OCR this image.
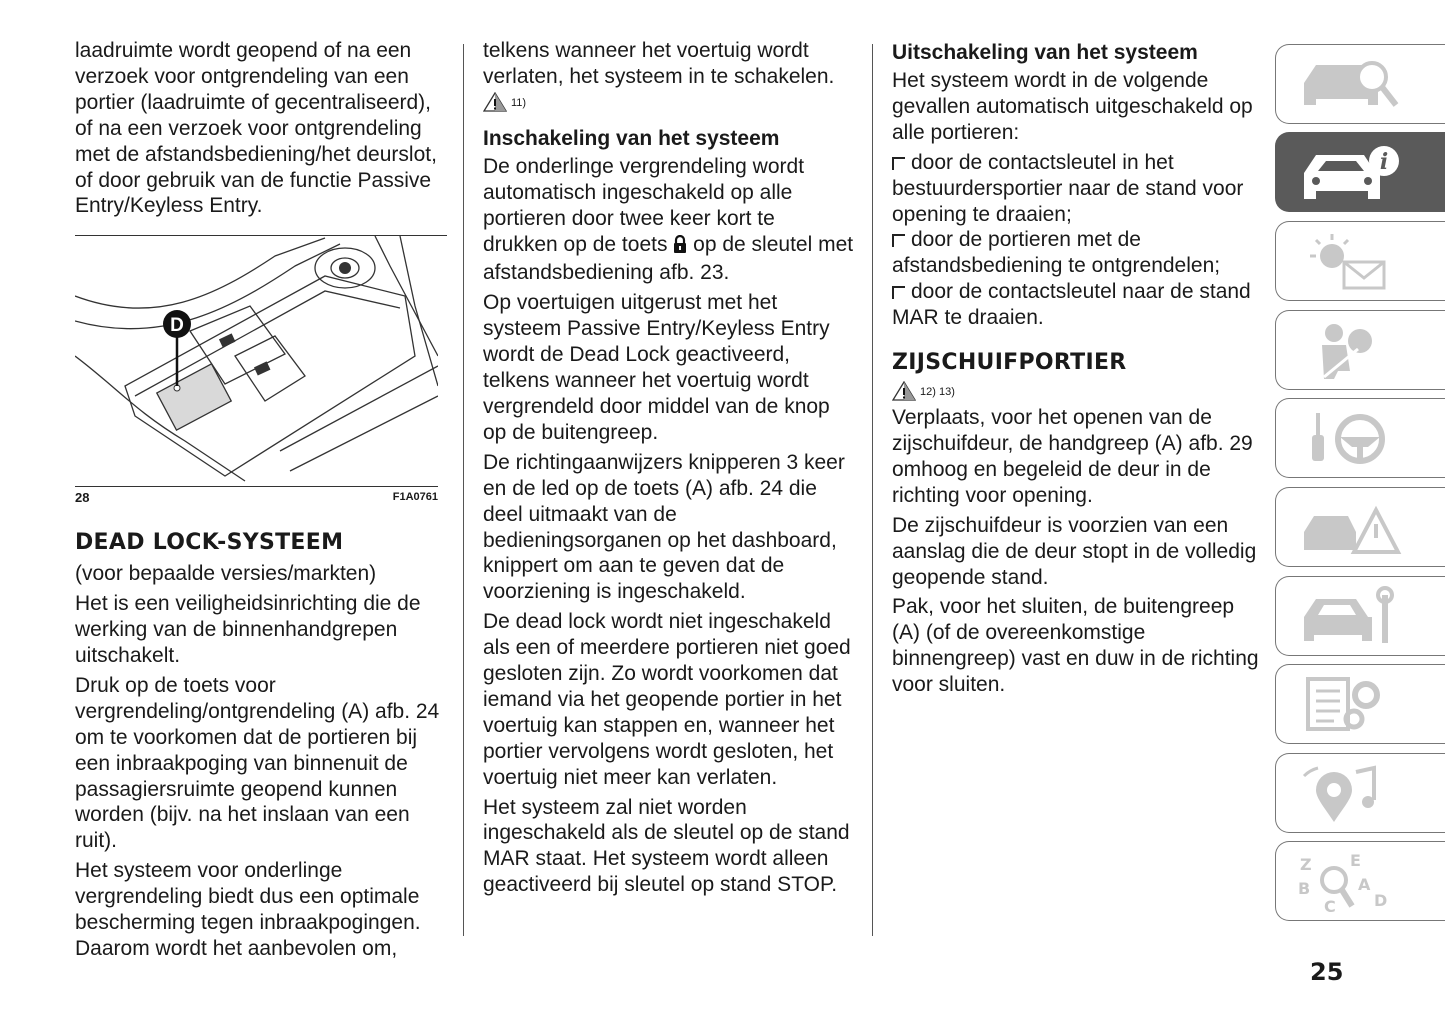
laadruimte wordt geopend of na een verzoek voor ontgrendeling van een portier (laadruimte of gecentraliseerd), of na een verzoek voor ontgrendeling met de afstandsbediening/het deurslot, of door gebruik van de functie Passive Entry/Keyless Entry.

D
28	F1A0761
DEAD LOCK-SYSTEEM

(voor bepaalde versies/markten)

Het is een veiligheidsinrichting die de werking van de binnenhandgrepen uitschakelt.

Druk op de toets voor vergrendeling/ontgrendeling (A) afb. 24 om te voorkomen dat de portieren bij een inbraakpoging van binnenuit de passagiersruimte geopend kunnen worden (bijv. na het inslaan van een ruit).

Het systeem voor onderlinge vergrendeling biedt dus een optimale bescherming tegen inbraakpogingen. Daarom wordt het aanbevolen om,

telkens wanneer het voertuig wordt verlaten, het systeem in te schakelen.

11)
Inschakeling van het systeem

De onderlinge vergrendeling wordt automatisch ingeschakeld op alle portieren door twee keer kort te drukken op de toets op de sleutel met afstandsbediening afb. 23.

Op voertuigen uitgerust met het systeem Passive Entry/Keyless Entry wordt de Dead Lock geactiveerd, telkens wanneer het voertuig wordt vergrendeld door middel van de knop op de buitengreep.

De richtingaanwijzers knipperen 3 keer en de led op de toets (A) afb. 24 die deel uitmaakt van de bedieningsorganen op het dashboard, knippert om aan te geven dat de voorziening is ingeschakeld.

De dead lock wordt niet ingeschakeld als een of meerdere portieren niet goed gesloten zijn. Zo wordt voorkomen dat iemand via het geopende portier in het voertuig kan stappen en, wanneer het portier vervolgens wordt gesloten, het voertuig niet meer kan verlaten.

Het systeem zal niet worden ingeschakeld als de sleutel op de stand MAR staat. Het systeem wordt alleen geactiveerd bij sleutel op stand STOP.

Uitschakeling van het systeem

Het systeem wordt in de volgende gevallen automatisch uitgeschakeld op alle portieren:

door de contactsleutel in het bestuurdersportier naar de stand voor opening te draaien;

door de portieren met de afstandsbediening te ontgrendelen;

door de contactsleutel naar de stand MAR te draaien.

ZIJSCHUIFPORTIER
12) 13)

Verplaats, voor het openen van de zijschuifdeur, de handgreep (A) afb. 29 omhoog en begeleid de deur in de richting voor opening.

De zijschuifdeur is voorzien van een aanslag die de deur stopt in de volledig geopende stand.

Pak, voor het sluiten, de buitengreep (A) (of de overeenkomstige binnengreep) vast en duw in de richting voor sluiten.

i
Z E
B	A
C D
25
